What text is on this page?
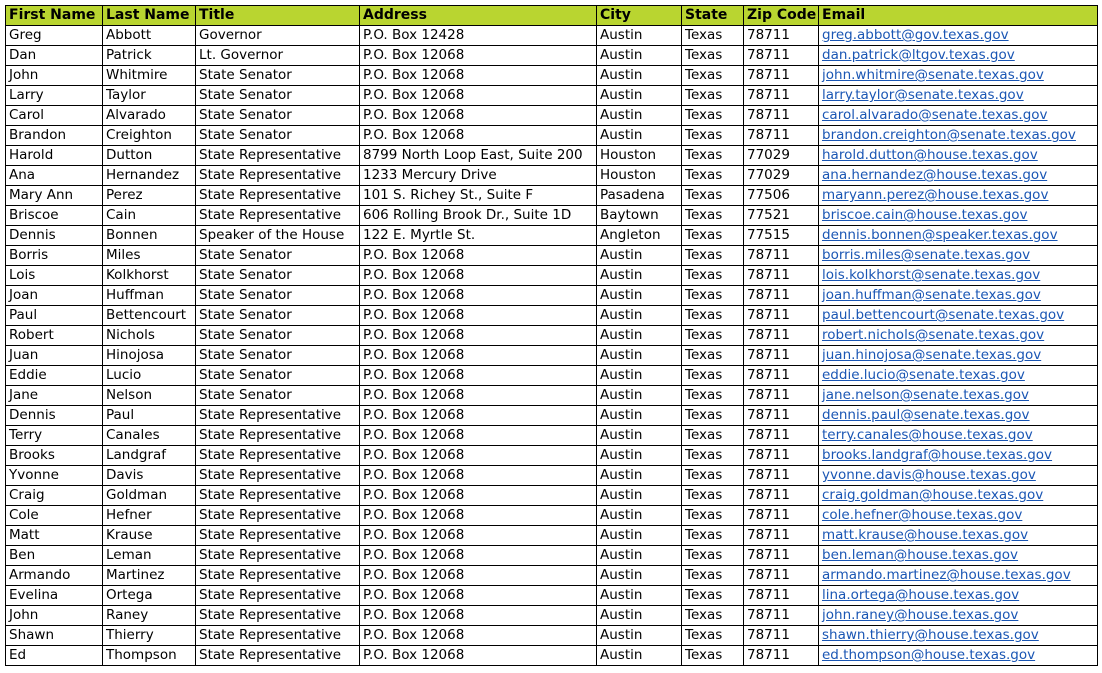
First Name	Last Name	Title	Address	City	State	Zip Code	Email
Greg	Abbott	Governor	P.O. Box 12428	Austin	Texas	78711	greg.abbott@gov.texas.gov
Dan	Patrick	Lt. Governor	P.O. Box 12068	Austin	Texas	78711	dan.patrick@ltgov.texas.gov
John	Whitmire	State Senator	P.O. Box 12068	Austin	Texas	78711	john.whitmire@senate.texas.gov
Larry	Taylor	State Senator	P.O. Box 12068	Austin	Texas	78711	larry.taylor@senate.texas.gov
Carol	Alvarado	State Senator	P.O. Box 12068	Austin	Texas	78711	carol.alvarado@senate.texas.gov
Brandon	Creighton	State Senator	P.O. Box 12068	Austin	Texas	78711	brandon.creighton@senate.texas.gov
Harold	Dutton	State Representative	8799 North Loop East, Suite 200	Houston	Texas	77029	harold.dutton@house.texas.gov
Ana	Hernandez	State Representative	1233 Mercury Drive	Houston	Texas	77029	ana.hernandez@house.texas.gov
Mary Ann	Perez	State Representative	101 S. Richey St., Suite F	Pasadena	Texas	77506	maryann.perez@house.texas.gov
Briscoe	Cain	State Representative	606 Rolling Brook Dr., Suite 1D	Baytown	Texas	77521	briscoe.cain@house.texas.gov
Dennis	Bonnen	Speaker of the House	122 E. Myrtle St.	Angleton	Texas	77515	dennis.bonnen@speaker.texas.gov
Borris	Miles	State Senator	P.O. Box 12068	Austin	Texas	78711	borris.miles@senate.texas.gov
Lois	Kolkhorst	State Senator	P.O. Box 12068	Austin	Texas	78711	lois.kolkhorst@senate.texas.gov
Joan	Huffman	State Senator	P.O. Box 12068	Austin	Texas	78711	joan.huffman@senate.texas.gov
Paul	Bettencourt	State Senator	P.O. Box 12068	Austin	Texas	78711	paul.bettencourt@senate.texas.gov
Robert	Nichols	State Senator	P.O. Box 12068	Austin	Texas	78711	robert.nichols@senate.texas.gov
Juan	Hinojosa	State Senator	P.O. Box 12068	Austin	Texas	78711	juan.hinojosa@senate.texas.gov
Eddie	Lucio	State Senator	P.O. Box 12068	Austin	Texas	78711	eddie.lucio@senate.texas.gov
Jane	Nelson	State Senator	P.O. Box 12068	Austin	Texas	78711	jane.nelson@senate.texas.gov
Dennis	Paul	State Representative	P.O. Box 12068	Austin	Texas	78711	dennis.paul@senate.texas.gov
Terry	Canales	State Representative	P.O. Box 12068	Austin	Texas	78711	terry.canales@house.texas.gov
Brooks	Landgraf	State Representative	P.O. Box 12068	Austin	Texas	78711	brooks.landgraf@house.texas.gov
Yvonne	Davis	State Representative	P.O. Box 12068	Austin	Texas	78711	yvonne.davis@house.texas.gov
Craig	Goldman	State Representative	P.O. Box 12068	Austin	Texas	78711	craig.goldman@house.texas.gov
Cole	Hefner	State Representative	P.O. Box 12068	Austin	Texas	78711	cole.hefner@house.texas.gov
Matt	Krause	State Representative	P.O. Box 12068	Austin	Texas	78711	matt.krause@house.texas.gov
Ben	Leman	State Representative	P.O. Box 12068	Austin	Texas	78711	ben.leman@house.texas.gov
Armando	Martinez	State Representative	P.O. Box 12068	Austin	Texas	78711	armando.martinez@house.texas.gov
Evelina	Ortega	State Representative	P.O. Box 12068	Austin	Texas	78711	lina.ortega@house.texas.gov
John	Raney	State Representative	P.O. Box 12068	Austin	Texas	78711	john.raney@house.texas.gov
Shawn	Thierry	State Representative	P.O. Box 12068	Austin	Texas	78711	shawn.thierry@house.texas.gov
Ed	Thompson	State Representative	P.O. Box 12068	Austin	Texas	78711	ed.thompson@house.texas.gov
